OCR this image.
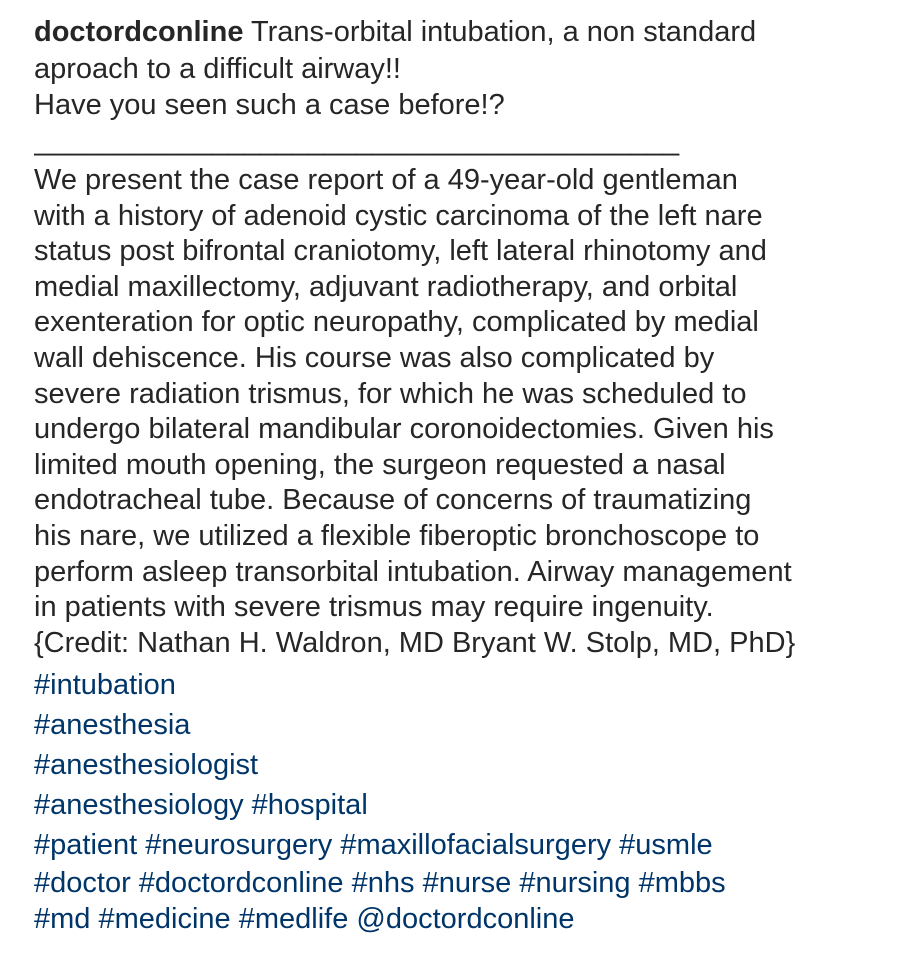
doctordconline Trans-orbital intubation, a non standard
aproach to a difficult airway!!
Have you seen such a case before!?
________________________________________
We present the case report of a 49-year-old gentleman
with a history of adenoid cystic carcinoma of the left nare
status post bifrontal craniotomy, left lateral rhinotomy and
medial maxillectomy, adjuvant radiotherapy, and orbital
exenteration for optic neuropathy, complicated by medial
wall dehiscence. His course was also complicated by
severe radiation trismus, for which he was scheduled to
undergo bilateral mandibular coronoidectomies. Given his
limited mouth opening, the surgeon requested a nasal
endotracheal tube. Because of concerns of traumatizing
his nare, we utilized a flexible fiberoptic bronchoscope to
perform asleep transorbital intubation. Airway management
in patients with severe trismus may require ingenuity.
{Credit: Nathan H. Waldron, MD Bryant W. Stolp, MD, PhD}
#intubation
#anesthesia
#anesthesiologist
#anesthesiology #hospital
#patient #neurosurgery #maxillofacialsurgery #usmle
#doctor #doctordconline #nhs #nurse #nursing #mbbs
#md #medicine #medlife @doctordconline
